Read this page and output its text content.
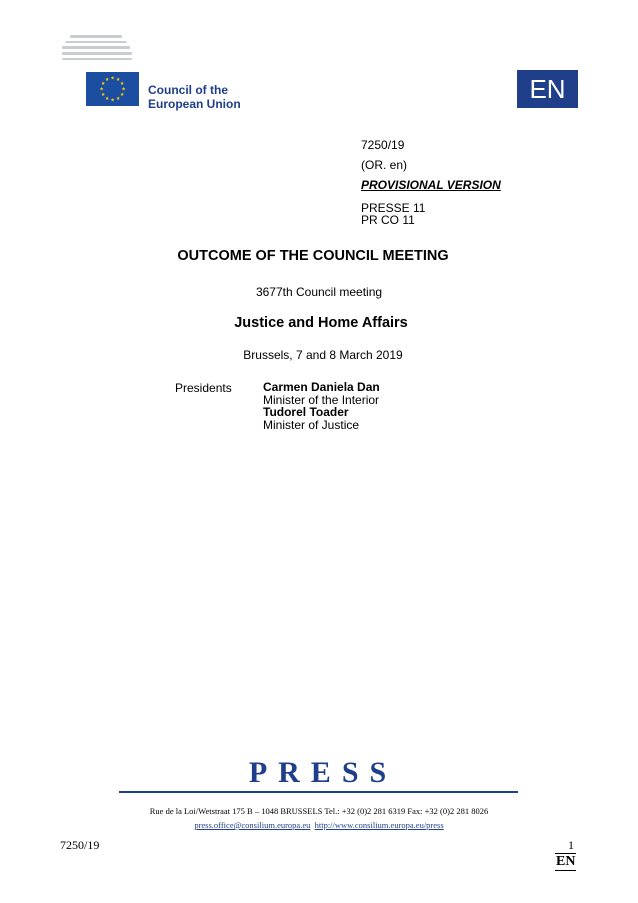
★ ★
★
★
★
★
★
★
★
★
★
★
Council of the
European Union	EN
7250/19
(OR. en)
PROVISIONAL VERSION
PRESSE 11
PR CO 11
OUTCOME OF THE COUNCIL MEETING
3677th Council meeting
Justice and Home Affairs
Brussels, 7 and 8 March 2019
Presidents	Carmen Daniela Dan
Minister of the Interior
Tudorel Toader
Minister of Justice
PRESS
Rue de la Loi/Wetstraat 175 B – 1048 BRUSSELS Tel.: +32 (0)2 281 6319 Fax: +32 (0)2 281 8026
press.office@consilium.europa.eu http://www.consilium.europa.eu/press
7250/19	1
EN
